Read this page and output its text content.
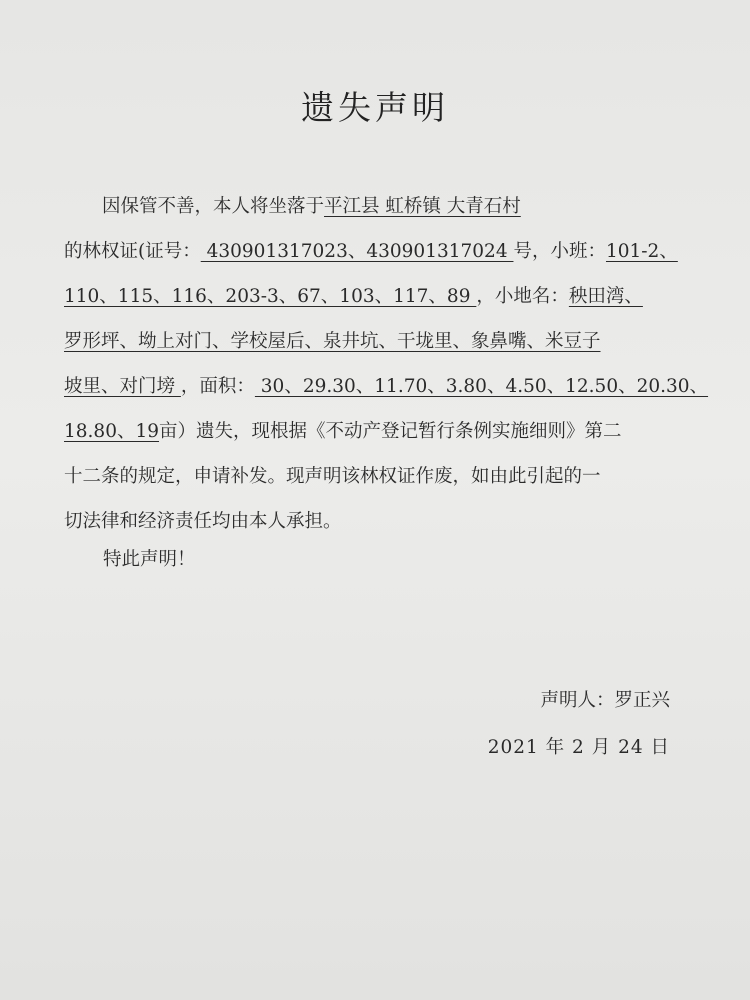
遗失声明
因保管不善，本人将坐落于平江县 虹桥镇 大青石村
的林权证(证号： 430901317023、430901317024 号，小班：101-2、
110、115、116、203-3、67、103、117、89 ，小地名：秧田湾、
罗形坪、坳上对门、学校屋后、泉井坑、干垅里、象鼻嘴、米豆子
坡里、对门塝 ，面积： 30、29.30、11.70、3.80、4.50、12.50、20.30、
18.80、19亩）遗失，现根据《不动产登记暂行条例实施细则》第二
十二条的规定，申请补发。现声明该林权证作废，如由此引起的一
切法律和经济责任均由本人承担。
特此声明！
声明人：罗正兴
2021 年 2 月 24 日
